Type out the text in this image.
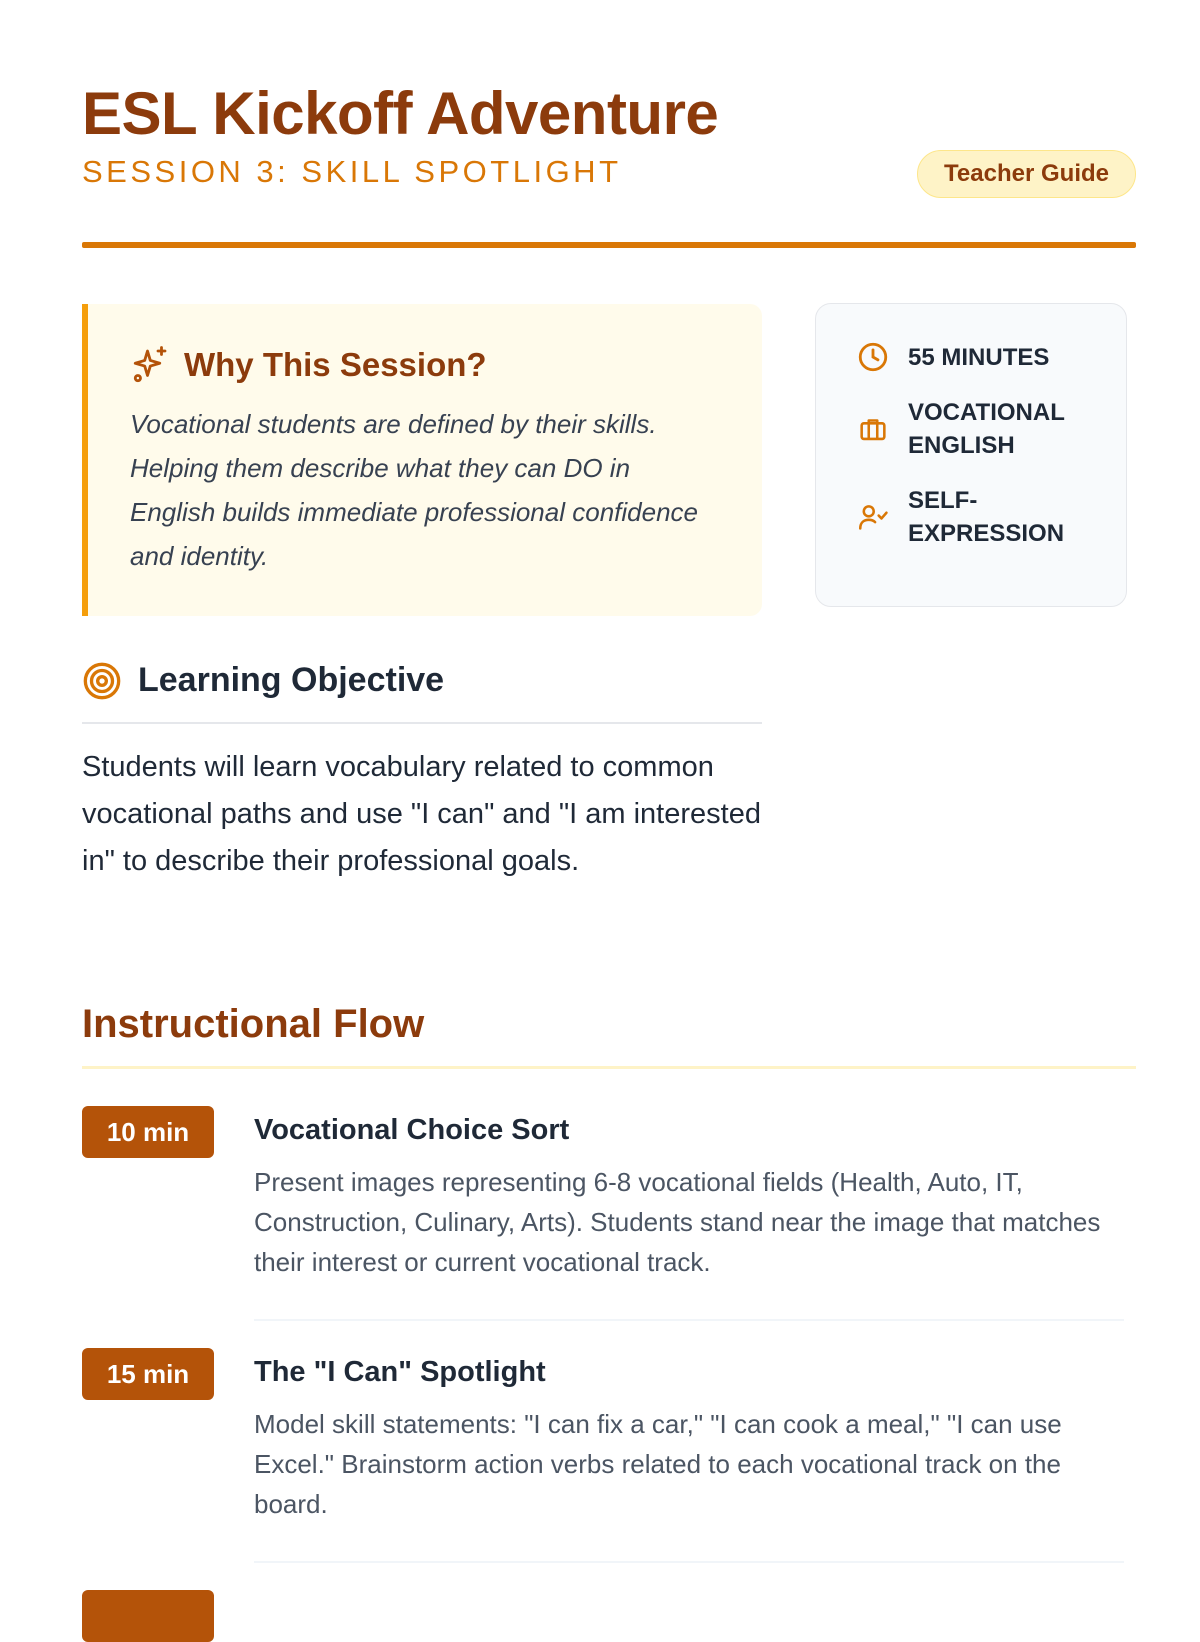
ESL Kickoff Adventure
SESSION 3: SKILL SPOTLIGHT	Teacher Guide
Why This Session?
Vocational students are defined by their skills. Helping them describe what they can DO in English builds immediate professional confidence and identity.
55 MINUTES
VOCATIONAL ENGLISH
SELF-EXPRESSION
Learning Objective

Students will learn vocabulary related to common vocational paths and use "I can" and "I am interested in" to describe their professional goals.

Instructional Flow
10 min	Vocational Choice Sort

Present images representing 6-8 vocational fields (Health, Auto, IT, Construction, Culinary, Arts). Students stand near the image that matches their interest or current vocational track.

15 min	The "I Can" Spotlight

Model skill statements: "I can fix a car," "I can cook a meal," "I can use Excel." Brainstorm action verbs related to each vocational track on the board.
